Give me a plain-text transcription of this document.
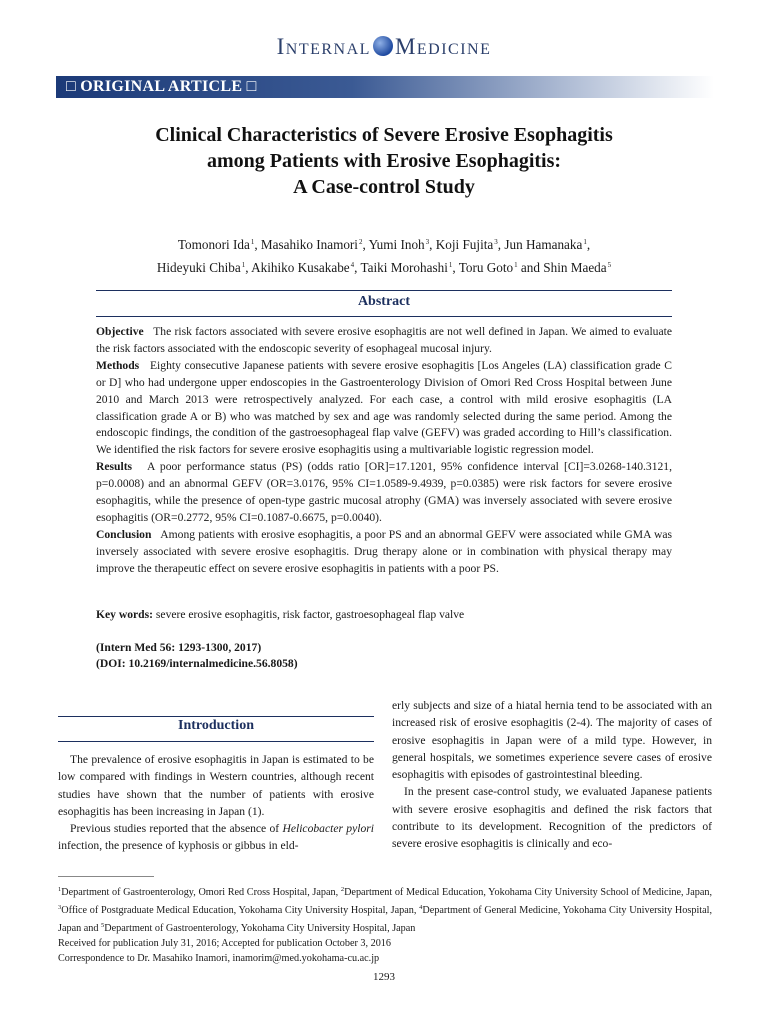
Internal Medicine
□ ORIGINAL ARTICLE □
Clinical Characteristics of Severe Erosive Esophagitis
among Patients with Erosive Esophagitis:
A Case-control Study
Tomonori Ida$^1$, Masahiko Inamori$^2$, Yumi Inoh$^3$, Koji Fujita$^3$, Jun Hamanaka$^1$,
Hideyuki Chiba$^1$, Akihiko Kusakabe$^4$, Taiki Morohashi$^1$, Toru Goto$^1$ and Shin Maeda$^5$
Abstract

Objective The risk factors associated with severe erosive esophagitis are not well defined in Japan. We aimed to evaluate the risk factors associated with the endoscopic severity of esophageal mucosal injury.

Methods Eighty consecutive Japanese patients with severe erosive esophagitis [Los Angeles (LA) classification grade C or D] who had undergone upper endoscopies in the Gastroenterology Division of Omori Red Cross Hospital between June 2010 and March 2013 were retrospectively analyzed. For each case, a control with mild erosive esophagitis (LA classification grade A or B) who was matched by sex and age was randomly selected during the same period. Among the endoscopic findings, the condition of the gastroesophageal flap valve (GEFV) was graded according to Hill’s classification. We identified the risk factors for severe erosive esophagitis using a multivariable logistic regression model.

Results A poor performance status (PS) (odds ratio [OR]=17.1201, 95% confidence interval [CI]=3.0268-140.3121, p=0.0008) and an abnormal GEFV (OR=3.0176, 95% CI=1.0589-9.4939, p=0.0385) were risk factors for severe erosive esophagitis, while the presence of open-type gastric mucosal atrophy (GMA) was inversely associated with severe erosive esophagitis (OR=0.2772, 95% CI=0.1087-0.6675, p=0.0040).

Conclusion Among patients with erosive esophagitis, a poor PS and an abnormal GEFV were associated while GMA was inversely associated with severe erosive esophagitis. Drug therapy alone or in combination with physical therapy may improve the therapeutic effect on severe erosive esophagitis in patients with a poor PS.

Key words: severe erosive esophagitis, risk factor, gastroesophageal flap valve
(Intern Med 56: 1293-1300, 2017)
(DOI: 10.2169/internalmedicine.56.8058)
Introduction

The prevalence of erosive esophagitis in Japan is estimated to be low compared with findings in Western countries, although recent studies have shown that the number of patients with erosive esophagitis has been increasing in Japan (1).

Previous studies reported that the absence of Helicobacter pylori infection, the presence of kyphosis or gibbus in eld-

erly subjects and size of a hiatal hernia tend to be associated with an increased risk of erosive esophagitis (2-4). The majority of cases of erosive esophagitis in Japan were of a mild type. However, in general hospitals, we sometimes experience severe cases of erosive esophagitis with episodes of gastrointestinal bleeding.

In the present case-control study, we evaluated Japanese patients with severe erosive esophagitis and defined the risk factors that contribute to its development. Recognition of the predictors of severe erosive esophagitis is clinically and eco-

$^1$Department of Gastroenterology, Omori Red Cross Hospital, Japan, $^2$Department of Medical Education, Yokohama City University School of Medicine, Japan, $^3$Office of Postgraduate Medical Education, Yokohama City University Hospital, Japan, $^4$Department of General Medicine, Yokohama City University Hospital, Japan and $^5$Department of Gastroenterology, Yokohama City University Hospital, Japan

Received for publication July 31, 2016; Accepted for publication October 3, 2016

Correspondence to Dr. Masahiko Inamori, inamorim@med.yokohama-cu.ac.jp

1293
